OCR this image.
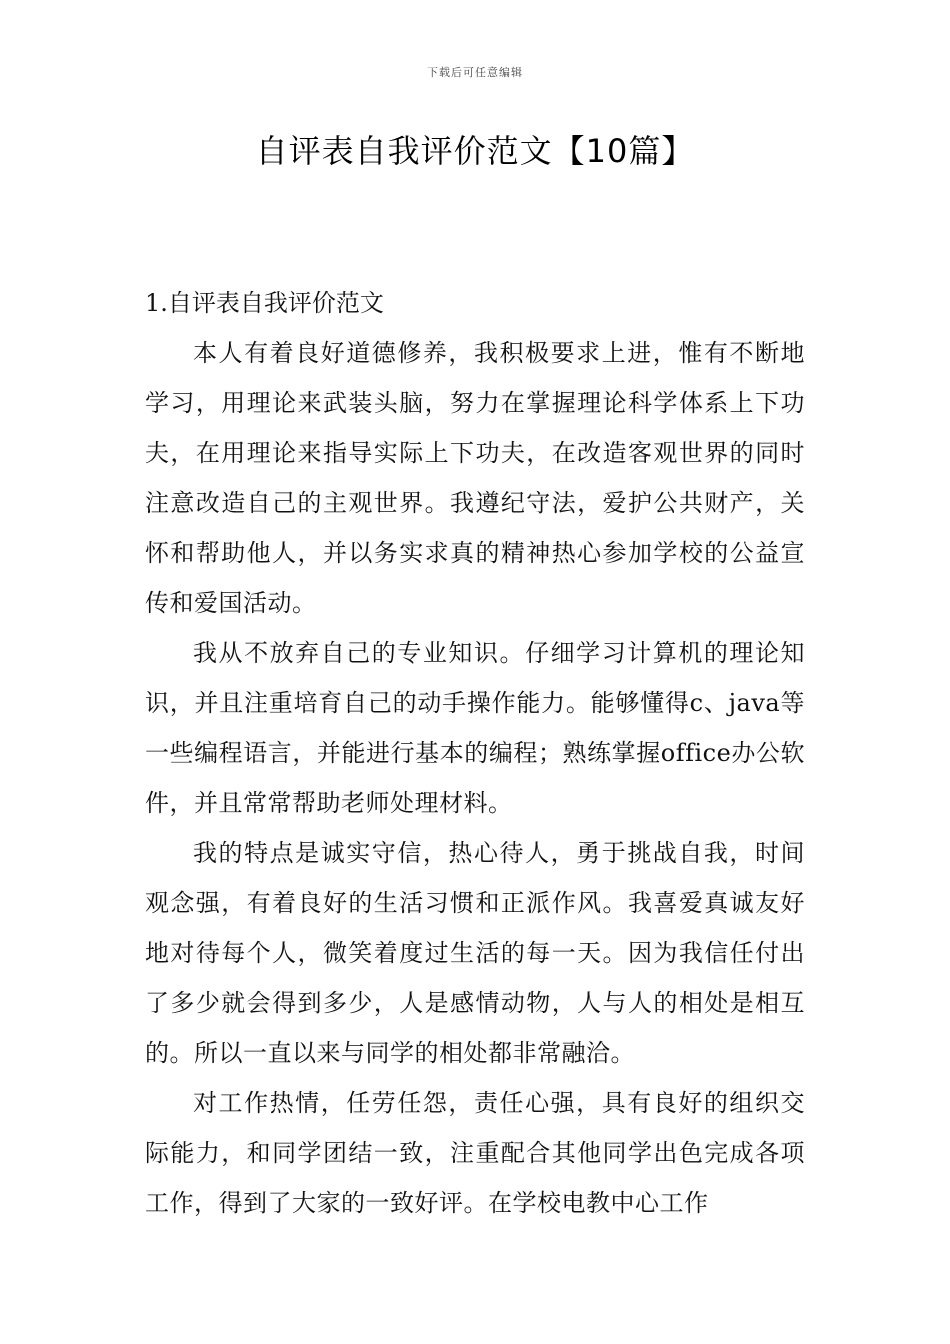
下载后可任意编辑
自评表自我评价范文【10篇】
1.自评表自我评价范文

本人有着良好道德修养，我积极要求上进，惟有不断地学习，用理论来武装头脑，努力在掌握理论科学体系上下功夫，在用理论来指导实际上下功夫，在改造客观世界的同时注意改造自己的主观世界。我遵纪守法，爱护公共财产，关怀和帮助他人，并以务实求真的精神热心参加学校的公益宣传和爱国活动。

我从不放弃自己的专业知识。仔细学习计算机的理论知识，并且注重培育自己的动手操作能力。能够懂得c、java等一些编程语言，并能进行基本的编程；熟练掌握office办公软件，并且常常帮助老师处理材料。

我的特点是诚实守信，热心待人，勇于挑战自我，时间观念强，有着良好的生活习惯和正派作风。我喜爱真诚友好地对待每个人，微笑着度过生活的每一天。因为我信任付出了多少就会得到多少，人是感情动物，人与人的相处是相互的。所以一直以来与同学的相处都非常融洽。

对工作热情，任劳任怨，责任心强，具有良好的组织交际能力，和同学团结一致，注重配合其他同学出色完成各项工作，得到了大家的一致好评。在学校电教中心工作
